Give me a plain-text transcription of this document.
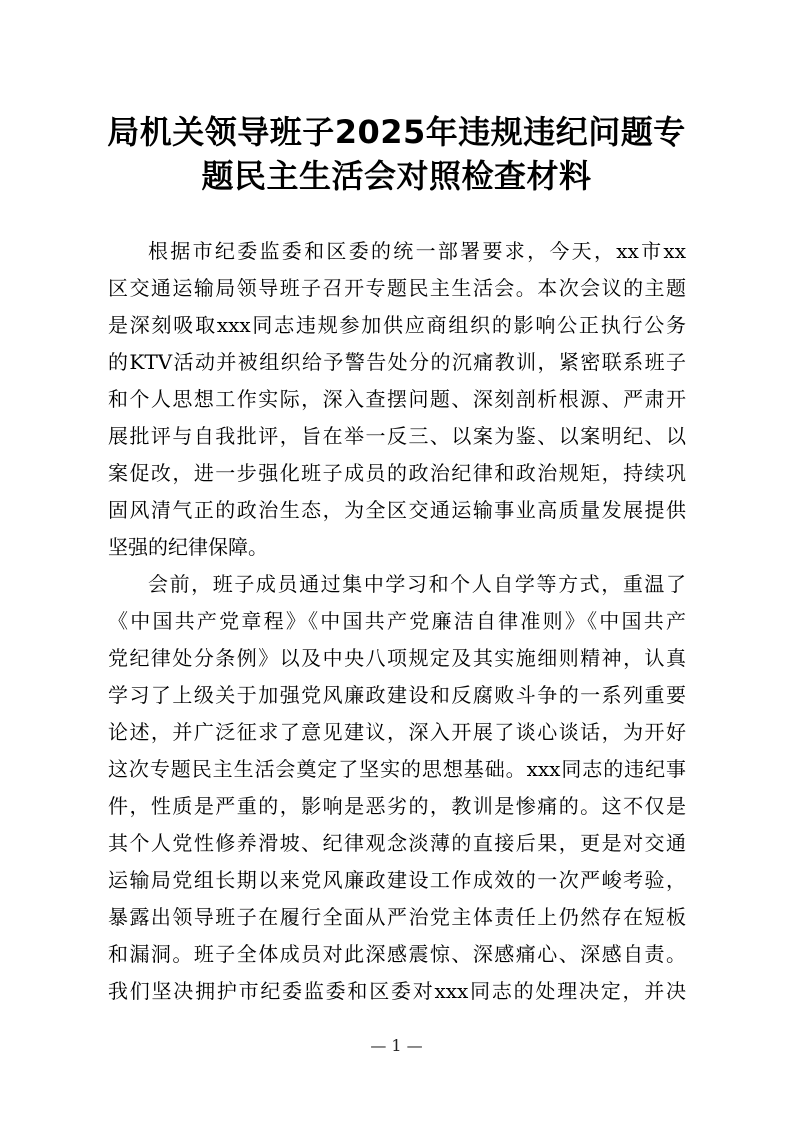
局机关领导班子2025年违规违纪问题专
题民主生活会对照检查材料
根据市纪委监委和区委的统一部署要求，今天，xx市xx
区交通运输局领导班子召开专题民主生活会。本次会议的主题
是深刻吸取xxx同志违规参加供应商组织的影响公正执行公务
的KTV活动并被组织给予警告处分的沉痛教训，紧密联系班子
和个人思想工作实际，深入查摆问题、深刻剖析根源、严肃开
展批评与自我批评，旨在举一反三、以案为鉴、以案明纪、以
案促改，进一步强化班子成员的政治纪律和政治规矩，持续巩
固风清气正的政治生态，为全区交通运输事业高质量发展提供
坚强的纪律保障。
会前，班子成员通过集中学习和个人自学等方式，重温了
《中国共产党章程》《中国共产党廉洁自律准则》《中国共产
党纪律处分条例》以及中央八项规定及其实施细则精神，认真
学习了上级关于加强党风廉政建设和反腐败斗争的一系列重要
论述，并广泛征求了意见建议，深入开展了谈心谈话，为开好
这次专题民主生活会奠定了坚实的思想基础。xxx同志的违纪事
件，性质是严重的，影响是恶劣的，教训是惨痛的。这不仅是
其个人党性修养滑坡、纪律观念淡薄的直接后果，更是对交通
运输局党组长期以来党风廉政建设工作成效的一次严峻考验，
暴露出领导班子在履行全面从严治党主体责任上仍然存在短板
和漏洞。班子全体成员对此深感震惊、深感痛心、深感自责。
我们坚决拥护市纪委监委和区委对xxx同志的处理决定，并决
— 1 —
